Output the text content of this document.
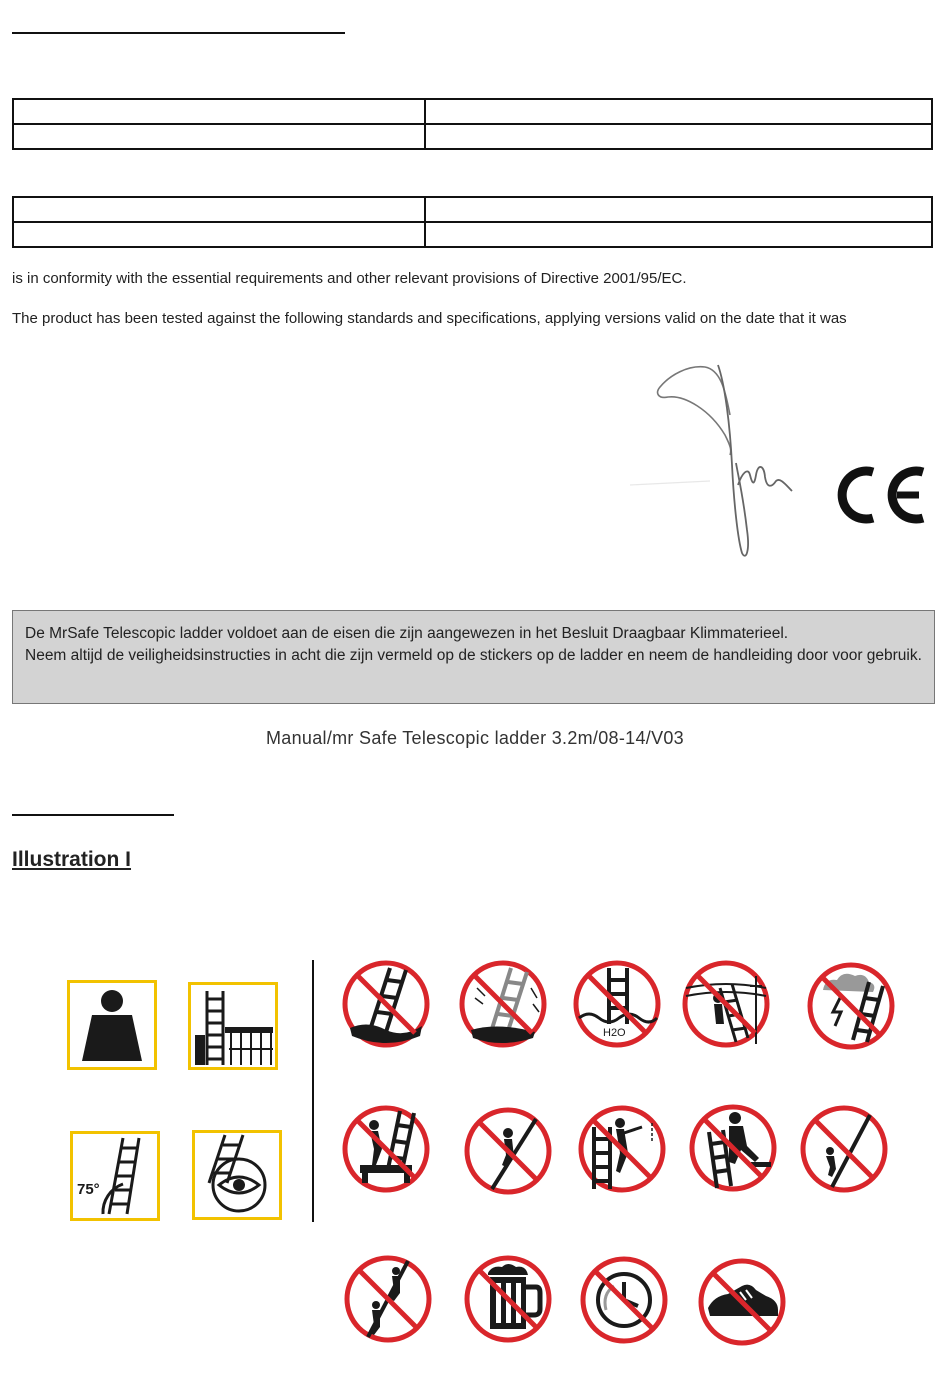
is in conformity with the essential requirements and other relevant provisions of Directive 2001/95/EC.
The product has been tested against the following standards and specifications, applying versions valid on the date that it was
De MrSafe Telescopic ladder voldoet aan de eisen die zijn aangewezen in het Besluit Draagbaar Klimmaterieel.
Neem altijd de veiligheidsinstructies in acht die zijn vermeld op de stickers op de ladder en neem de handleiding door voor gebruik.
Manual/mr Safe Telescopic ladder 3.2m/08-14/V03
Illustration I
75°
H2O
